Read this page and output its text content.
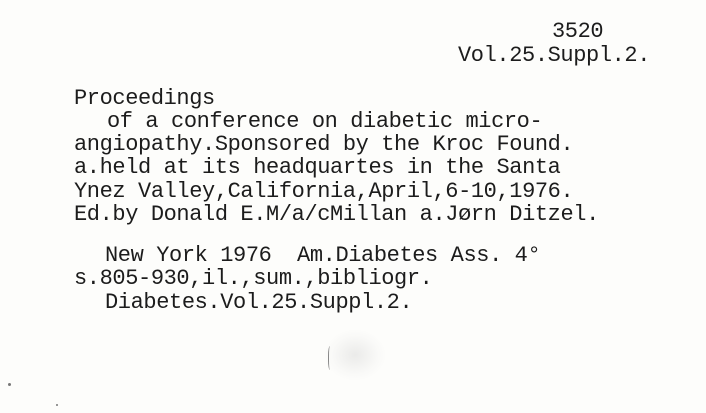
3520
Vol.25.Suppl.2.
Proceedings
of a conference on diabetic micro-
angiopathy.Sponsored by the Kroc Found.
a.held at its headquartes in the Santa
Ynez Valley,California,April,6-10,1976.
Ed.by Donald E.M/a/cMillan a.Jørn Ditzel.
New York 1976  Am.Diabetes Ass. 4°
s.805-930,il.,sum.,bibliogr.
Diabetes.Vol.25.Suppl.2.
